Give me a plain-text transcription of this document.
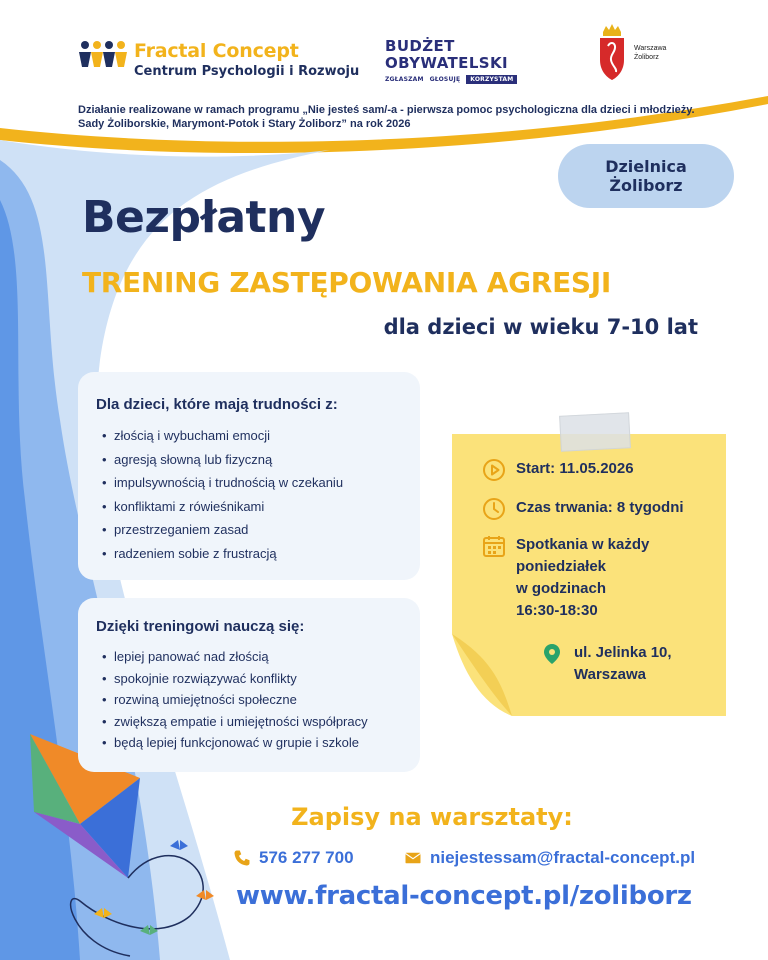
Fractal Concept
Centrum Psychologii i Rozwoju
BUDŻET
OBYWATELSKI
ZGŁASZAM GŁOSUJĘ	KORZYSTAM
Warszawa
Żoliborz
Działanie realizowane w ramach programu „Nie jesteś sam/-a - pierwsza pomoc psychologiczna dla dzieci i młodzieży. Sady Żoliborskie, Marymont-Potok i Stary Żoliborz” na rok 2026
Dzielnica
Żoliborz
Bezpłatny
TRENING ZASTĘPOWANIA AGRESJI
dla dzieci w wieku 7-10 lat
Dla dzieci, które mają trudności z:
• złością i wybuchami emocji
• agresją słowną lub fizyczną
• impulsywnością i trudnością w czekaniu
• konfliktami z rówieśnikami
• przestrzeganiem zasad
• radzeniem sobie z frustracją
Dzięki treningowi nauczą się:
• lepiej panować nad złością
• spokojnie rozwiązywać konflikty
• rozwiną umiejętności społeczne
• zwiększą empatie i umiejętności współpracy
• będą lepiej funkcjonować w grupie i szkole
Start: 11.05.2026
Czas trwania: 8 tygodni
Spotkania w każdy
poniedziałek
w godzinach
16:30-18:30
ul. Jelinka 10,
Warszawa
Zapisy na warsztaty:
576 277 700	niejestessam@fractal-concept.pl
www.fractal-concept.pl/zoliborz
